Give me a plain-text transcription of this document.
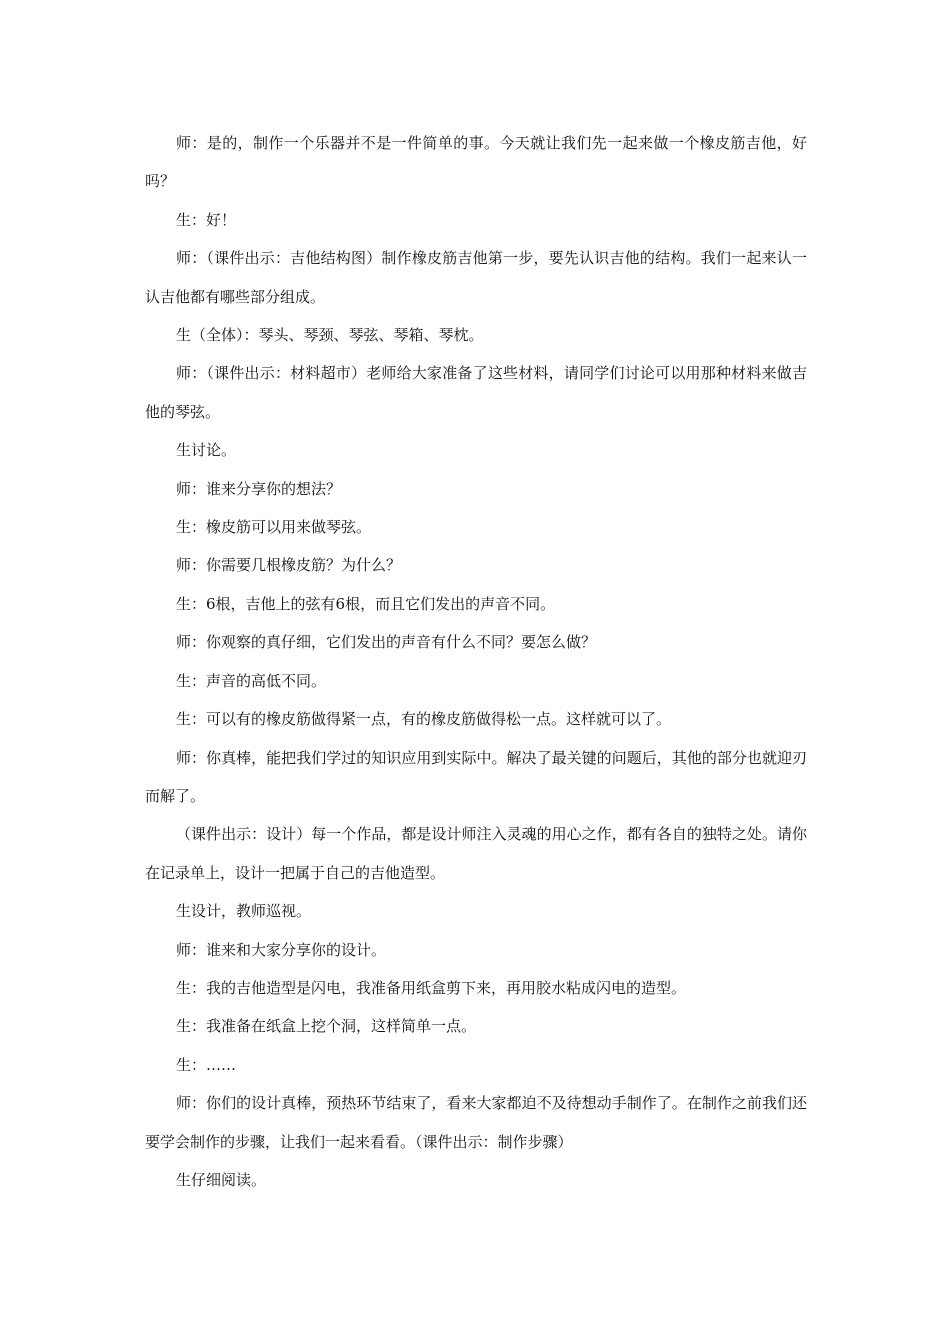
师：是的，制作一个乐器并不是一件简单的事。今天就让我们先一起来做一个橡皮筋吉他，好吗？

生：好！

师：（课件出示：吉他结构图）制作橡皮筋吉他第一步，要先认识吉他的结构。我们一起来认一认吉他都有哪些部分组成。

生（全体）：琴头、琴颈、琴弦、琴箱、琴枕。

师：（课件出示：材料超市）老师给大家准备了这些材料，请同学们讨论可以用那种材料来做吉他的琴弦。

生讨论。

师：谁来分享你的想法？

生：橡皮筋可以用来做琴弦。

师：你需要几根橡皮筋？为什么？

生：6根，吉他上的弦有6根，而且它们发出的声音不同。

师：你观察的真仔细，它们发出的声音有什么不同？要怎么做？

生：声音的高低不同。

生：可以有的橡皮筋做得紧一点，有的橡皮筋做得松一点。这样就可以了。

师：你真棒，能把我们学过的知识应用到实际中。解决了最关键的问题后，其他的部分也就迎刃而解了。

（课件出示：设计）每一个作品，都是设计师注入灵魂的用心之作，都有各自的独特之处。请你在记录单上，设计一把属于自己的吉他造型。

生设计，教师巡视。

师：谁来和大家分享你的设计。

生：我的吉他造型是闪电，我准备用纸盒剪下来，再用胶水粘成闪电的造型。

生：我准备在纸盒上挖个洞，这样简单一点。

生：……

师：你们的设计真棒，预热环节结束了，看来大家都迫不及待想动手制作了。在制作之前我们还要学会制作的步骤，让我们一起来看看。（课件出示：制作步骤）

生仔细阅读。
